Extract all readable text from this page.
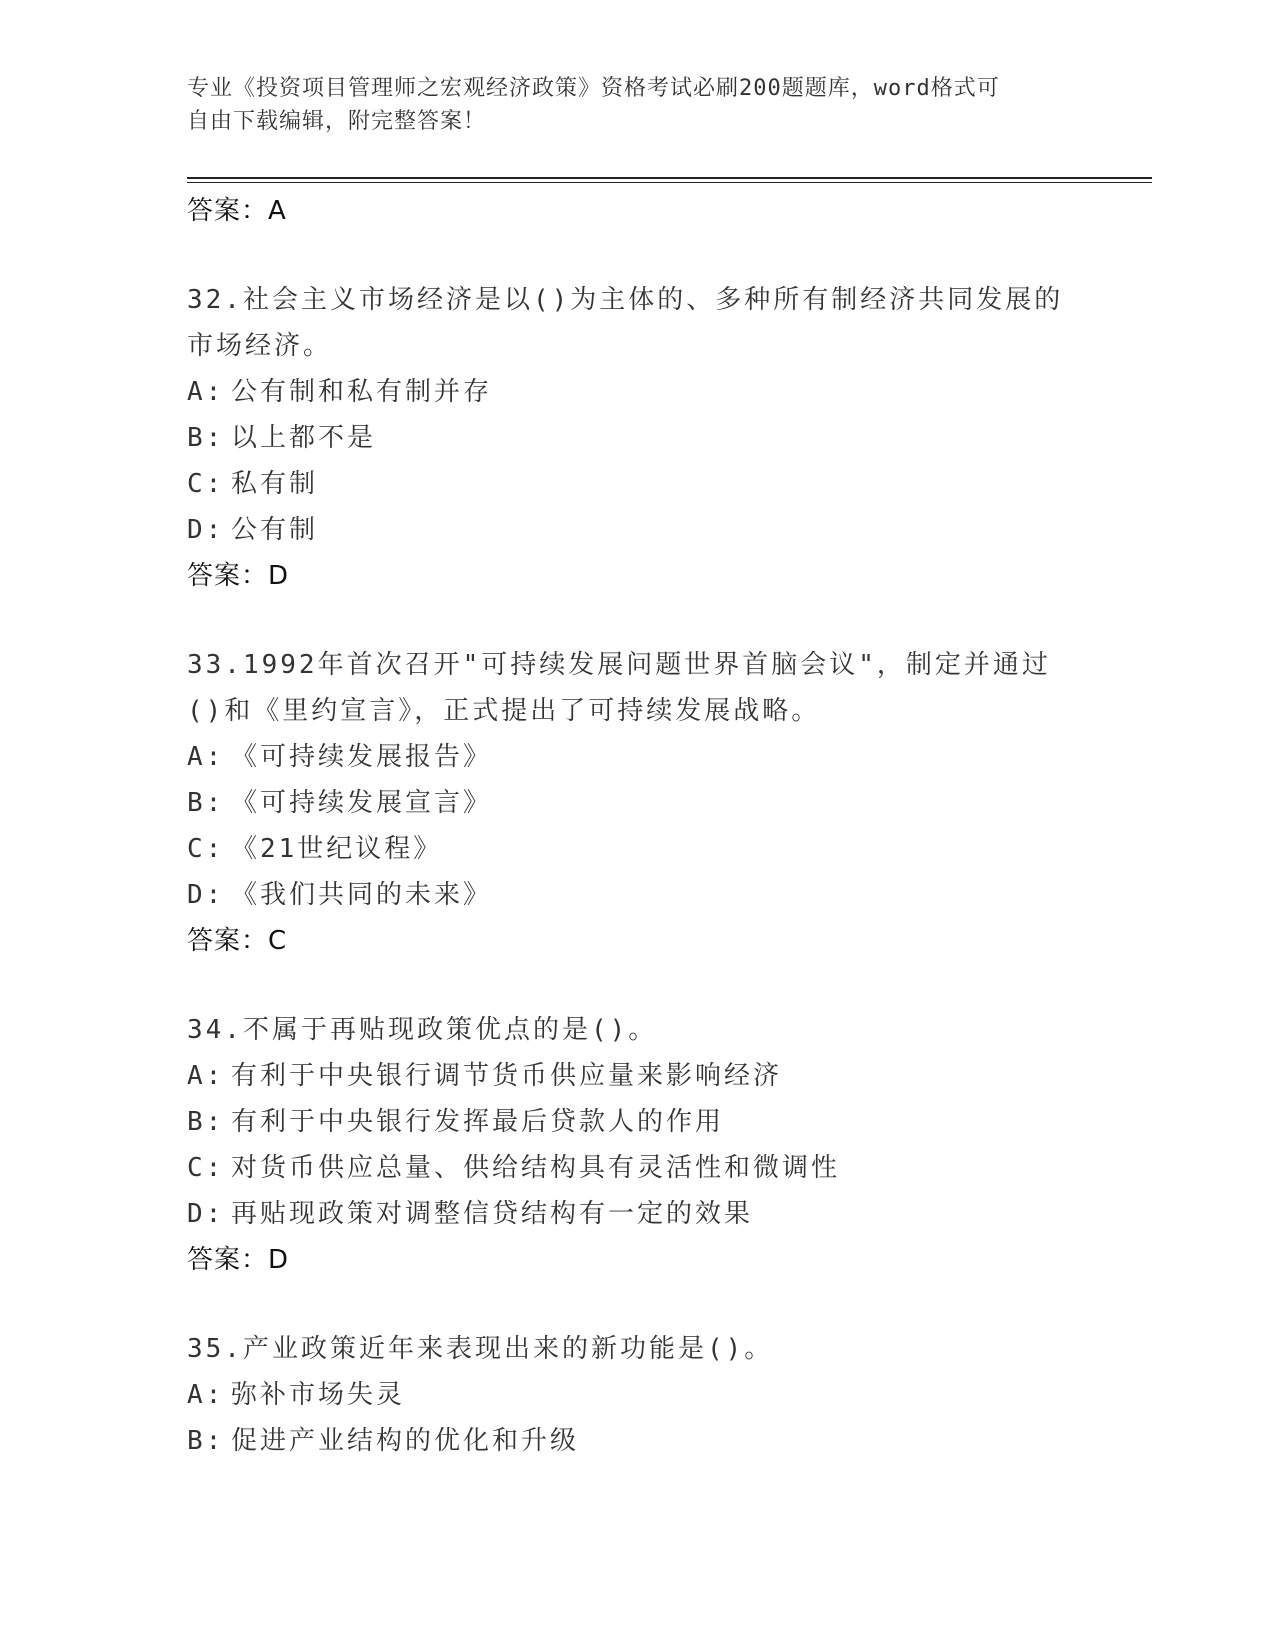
专业《投资项目管理师之宏观经济政策》资格考试必刷200题题库，word格式可
自由下载编辑，附完整答案！
答案：A
32.社会主义市场经济是以()为主体的、多种所有制经济共同发展的市场经济。
A: 公有制和私有制并存
B: 以上都不是
C: 私有制
D: 公有制
答案：D
33.1992年首次召开"可持续发展问题世界首脑会议"，制定并通过()和《里约宣言》，正式提出了可持续发展战略。
A: 《可持续发展报告》
B: 《可持续发展宣言》
C: 《21世纪议程》
D: 《我们共同的未来》
答案：C
34.不属于再贴现政策优点的是()。
A: 有利于中央银行调节货币供应量来影响经济
B: 有利于中央银行发挥最后贷款人的作用
C: 对货币供应总量、供给结构具有灵活性和微调性
D: 再贴现政策对调整信贷结构有一定的效果
答案：D
35.产业政策近年来表现出来的新功能是()。
A: 弥补市场失灵
B: 促进产业结构的优化和升级
